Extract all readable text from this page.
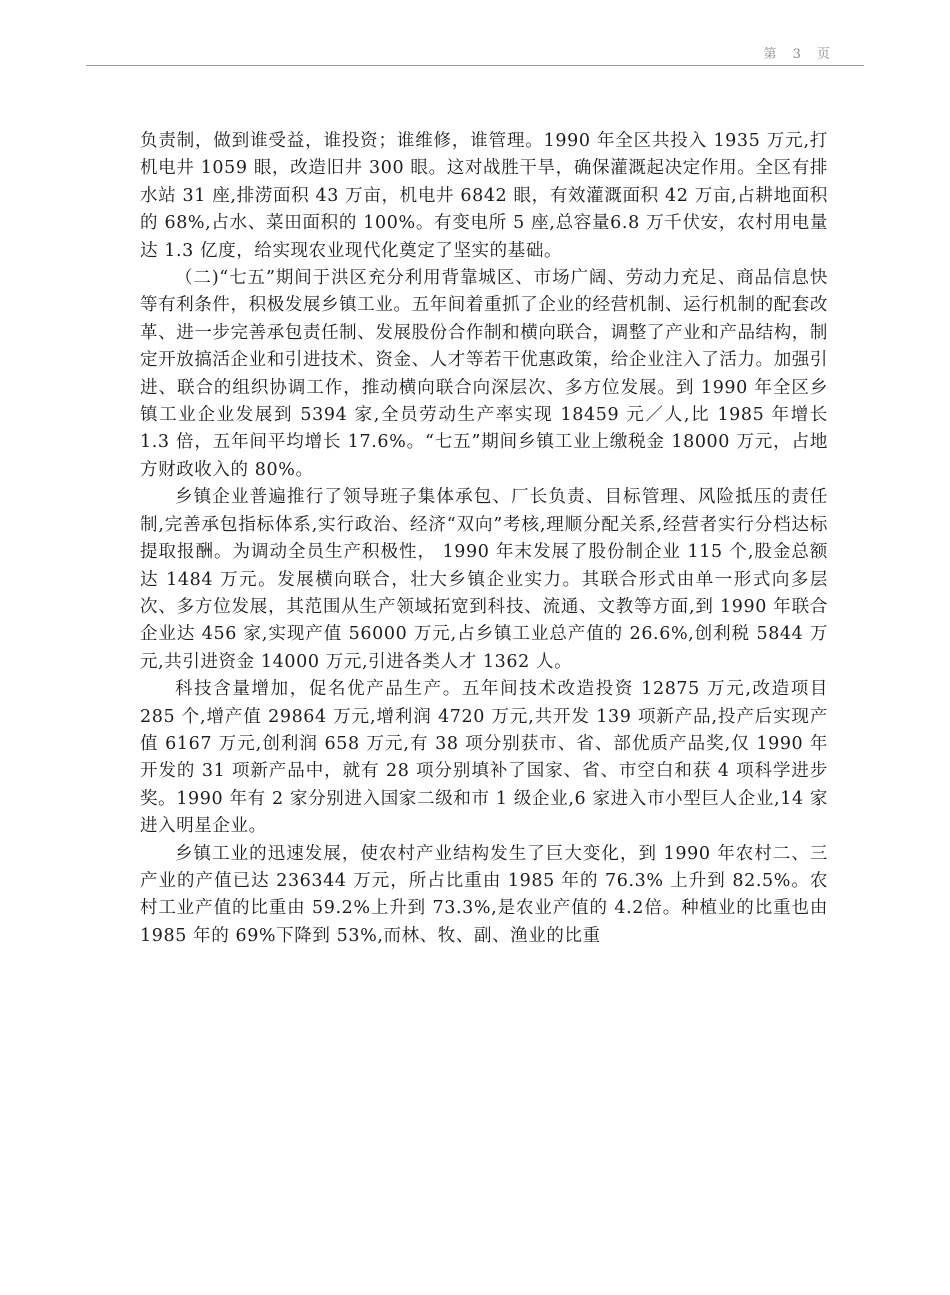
第 3 页

负责制，做到谁受益，谁投资；谁维修，谁管理。1990 年全区共投入 1935 万元,打机电井 1059 眼，改造旧井 300 眼。这对战胜干旱，确保灌溉起决定作用。全区有排水站 31 座,排涝面积 43 万亩，机电井 6842 眼，有效灌溉面积 42 万亩,占耕地面积的 68%,占水、菜田面积的 100%。有变电所 5 座,总容量6.8 万千伏安，农村用电量达 1.3 亿度，给实现农业现代化奠定了坚实的基础。

（二)“七五”期间于洪区充分利用背靠城区、市场广阔、劳动力充足、商品信息快等有利条件，积极发展乡镇工业。五年间着重抓了企业的经营机制、运行机制的配套改革、进一步完善承包责任制、发展股份合作制和横向联合，调整了产业和产品结构，制定开放搞活企业和引进技术、资金、人才等若干优惠政策，给企业注入了活力。加强引进、联合的组织协调工作，推动横向联合向深层次、多方位发展。到 1990 年全区乡镇工业企业发展到 5394 家,全员劳动生产率实现 18459 元／人,比 1985 年增长 1.3 倍，五年间平均增长 17.6%。“七五”期间乡镇工业上缴税金 18000 万元，占地方财政收入的 80%。

乡镇企业普遍推行了领导班子集体承包、厂长负责、目标管理、风险抵压的责任制,完善承包指标体系,实行政治、经济“双向”考核,理顺分配关系,经营者实行分档达标提取报酬。为调动全员生产积极性， 1990 年末发展了股份制企业 115 个,股金总额达 1484 万元。发展横向联合，壮大乡镇企业实力。其联合形式由单一形式向多层次、多方位发展，其范围从生产领域拓宽到科技、流通、文教等方面,到 1990 年联合企业达 456 家,实现产值 56000 万元,占乡镇工业总产值的 26.6%,创利税 5844 万元,共引进资金 14000 万元,引进各类人才 1362 人。

科技含量增加，促名优产品生产。五年间技术改造投资 12875 万元,改造项目 285 个,增产值 29864 万元,增利润 4720 万元,共开发 139 项新产品,投产后实现产值 6167 万元,创利润 658 万元,有 38 项分别获市、省、部优质产品奖,仅 1990 年开发的 31 项新产品中，就有 28 项分别填补了国家、省、市空白和获 4 项科学进步奖。1990 年有 2 家分别进入国家二级和市 1 级企业,6 家进入市小型巨人企业,14 家进入明星企业。

乡镇工业的迅速发展，使农村产业结构发生了巨大变化，到 1990 年农村二、三产业的产值已达 236344 万元，所占比重由 1985 年的 76.3% 上升到 82.5%。农村工业产值的比重由 59.2%上升到 73.3%,是农业产值的 4.2倍。种植业的比重也由 1985 年的 69%下降到 53%,而林、牧、副、渔业的比重
